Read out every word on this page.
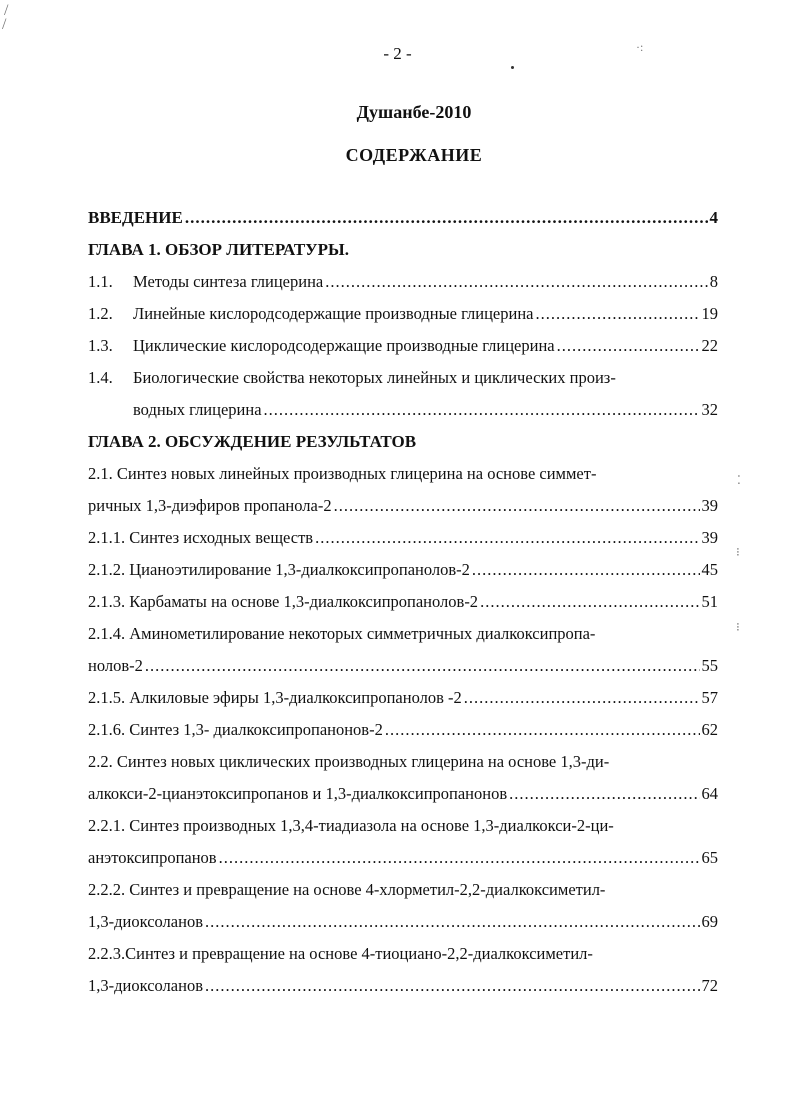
/
/
·:
⁚
⁝
⁝
- 2 -
Душанбе-2010
СОДЕРЖАНИЕ
ВВЕДЕНИЕ .....	4
ГЛАВА 1. ОБЗОР ЛИТЕРАТУРЫ.
1.1.	Методы синтеза глицерина .....	8
1.2.	Линейные кислородсодержащие производные глицерина .....	19
1.3.	Циклические кислородсодержащие производные глицерина .....	22
1.4.	Биологические свойства некоторых линейных и циклических произ-
водных глицерина .....	32
ГЛАВА 2. ОБСУЖДЕНИЕ РЕЗУЛЬТАТОВ
2.1. Синтез новых линейных производных глицерина на основе симмет-
ричных 1,3-диэфиров пропанола-2 .....	39
2.1.1. Синтез исходных веществ .....	39
2.1.2. Цианоэтилирование 1,3-диалкоксипропанолов-2 .....	45
2.1.3. Карбаматы на основе 1,3-диалкоксипропанолов-2 .....	51
2.1.4. Аминометилирование некоторых симметричных диалкоксипропа-
нолов-2 .....	55
2.1.5. Алкиловые эфиры 1,3-диалкоксипропанолов -2 .....	57
2.1.6. Синтез 1,3- диалкоксипропанонов-2 .....	62
2.2. Синтез новых циклических производных глицерина на основе 1,3-ди-
алкокси-2-цианэтоксипропанов и 1,3-диалкоксипропанонов .....	64
2.2.1. Синтез производных 1,3,4-тиадиазола на основе 1,3-диалкокси-2-ци-
анэтоксипропанов .....	65
2.2.2. Синтез и превращение на основе 4-хлорметил-2,2-диалкоксиметил-
1,3-диоксоланов .....	69
2.2.3.Синтез и превращение на основе 4-тиоциано-2,2-диалкоксиметил-
1,3-диоксоланов .....	72
